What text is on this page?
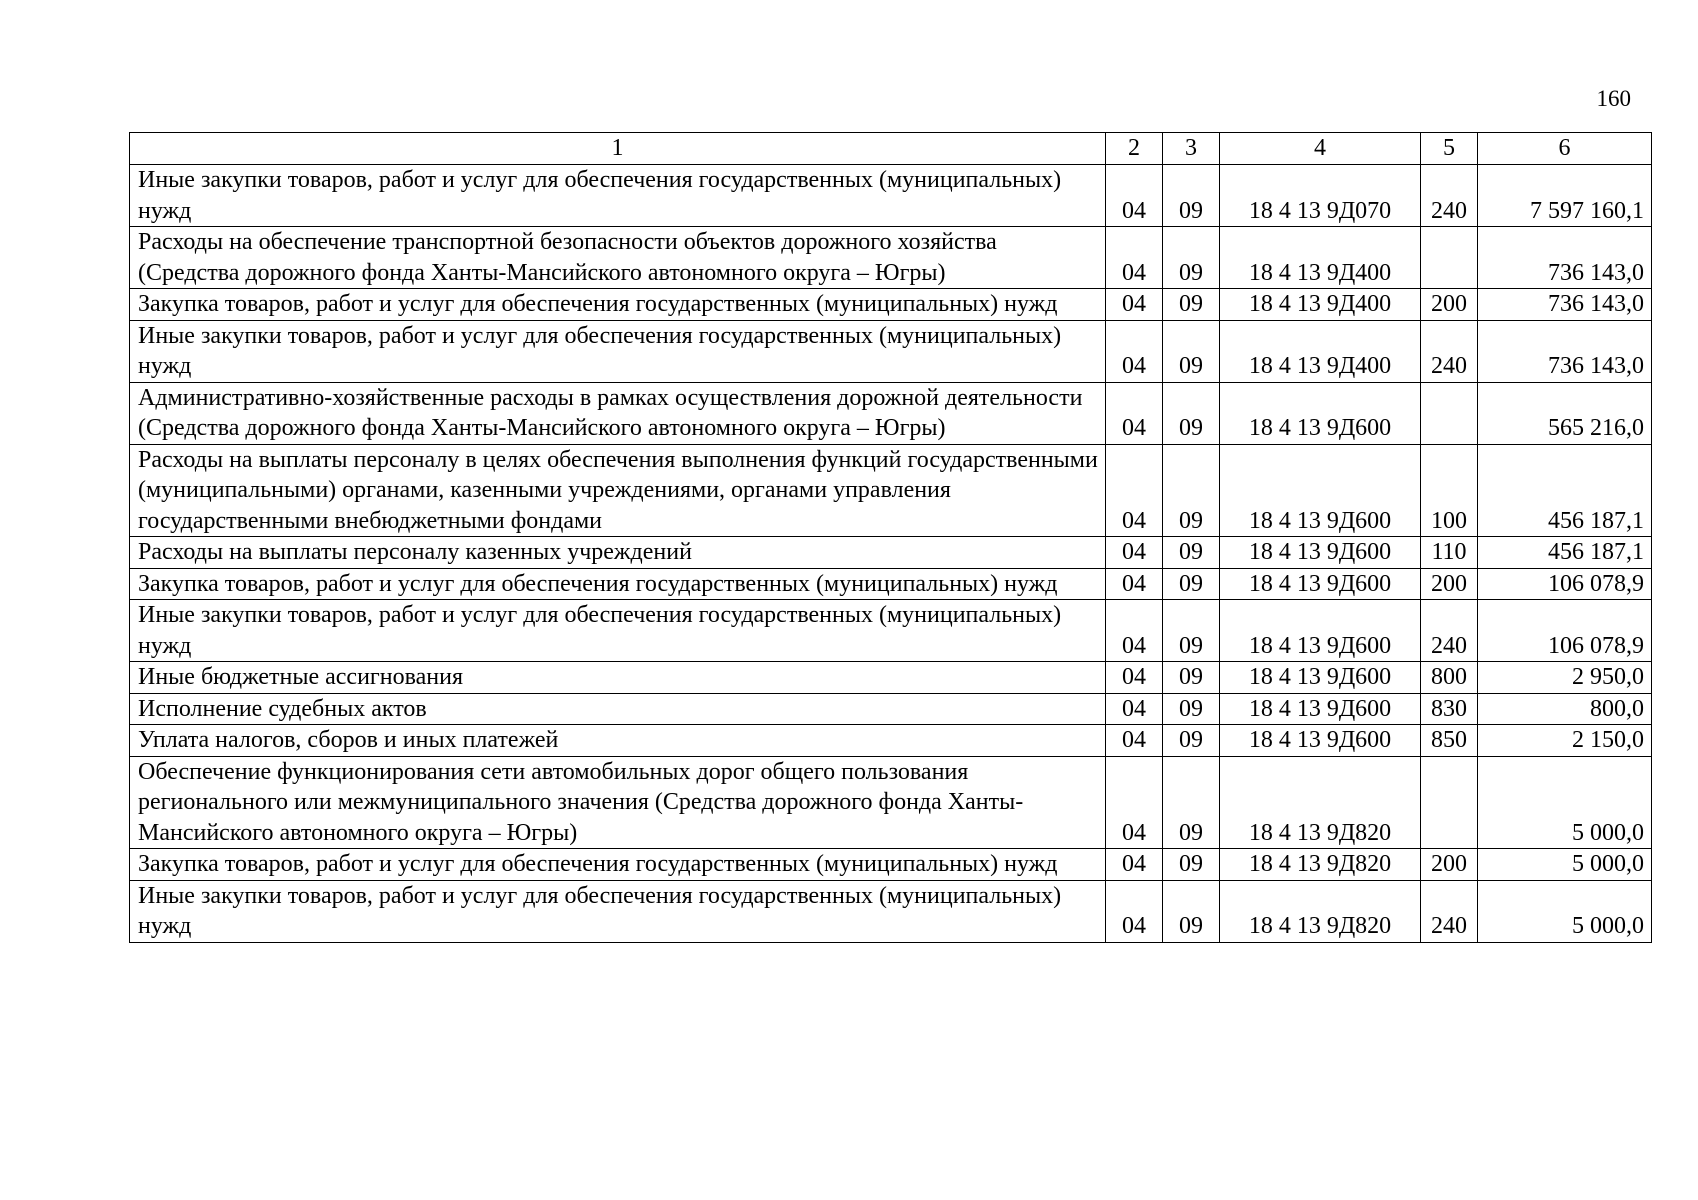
160
1	2	3	4	5	6
Иные закупки товаров, работ и услуг для обеспечения государственных (муниципальных) нужд	04	09	18 4 13 9Д070	240	7 597 160,1
Расходы на обеспечение транспортной безопасности объектов дорожного хозяйства (Средства дорожного фонда Ханты-Мансийского автономного округа – Югры)	04	09	18 4 13 9Д400		736 143,0
Закупка товаров, работ и услуг для обеспечения государственных (муниципальных) нужд	04	09	18 4 13 9Д400	200	736 143,0
Иные закупки товаров, работ и услуг для обеспечения государственных (муниципальных) нужд	04	09	18 4 13 9Д400	240	736 143,0
Административно-хозяйственные расходы в рамках осуществления дорожной деятельности (Средства дорожного фонда Ханты-Мансийского автономного округа – Югры)	04	09	18 4 13 9Д600		565 216,0
Расходы на выплаты персоналу в целях обеспечения выполнения функций государственными (муниципальными) органами, казенными учреждениями, органами управления государственными внебюджетными фондами	04	09	18 4 13 9Д600	100	456 187,1
Расходы на выплаты персоналу казенных учреждений	04	09	18 4 13 9Д600	110	456 187,1
Закупка товаров, работ и услуг для обеспечения государственных (муниципальных) нужд	04	09	18 4 13 9Д600	200	106 078,9
Иные закупки товаров, работ и услуг для обеспечения государственных (муниципальных) нужд	04	09	18 4 13 9Д600	240	106 078,9
Иные бюджетные ассигнования	04	09	18 4 13 9Д600	800	2 950,0
Исполнение судебных актов	04	09	18 4 13 9Д600	830	800,0
Уплата налогов, сборов и иных платежей	04	09	18 4 13 9Д600	850	2 150,0
Обеспечение функционирования сети автомобильных дорог общего пользования регионального или межмуниципального значения (Средства дорожного фонда Ханты-Мансийского автономного округа – Югры)	04	09	18 4 13 9Д820		5 000,0
Закупка товаров, работ и услуг для обеспечения государственных (муниципальных) нужд	04	09	18 4 13 9Д820	200	5 000,0
Иные закупки товаров, работ и услуг для обеспечения государственных (муниципальных) нужд	04	09	18 4 13 9Д820	240	5 000,0
